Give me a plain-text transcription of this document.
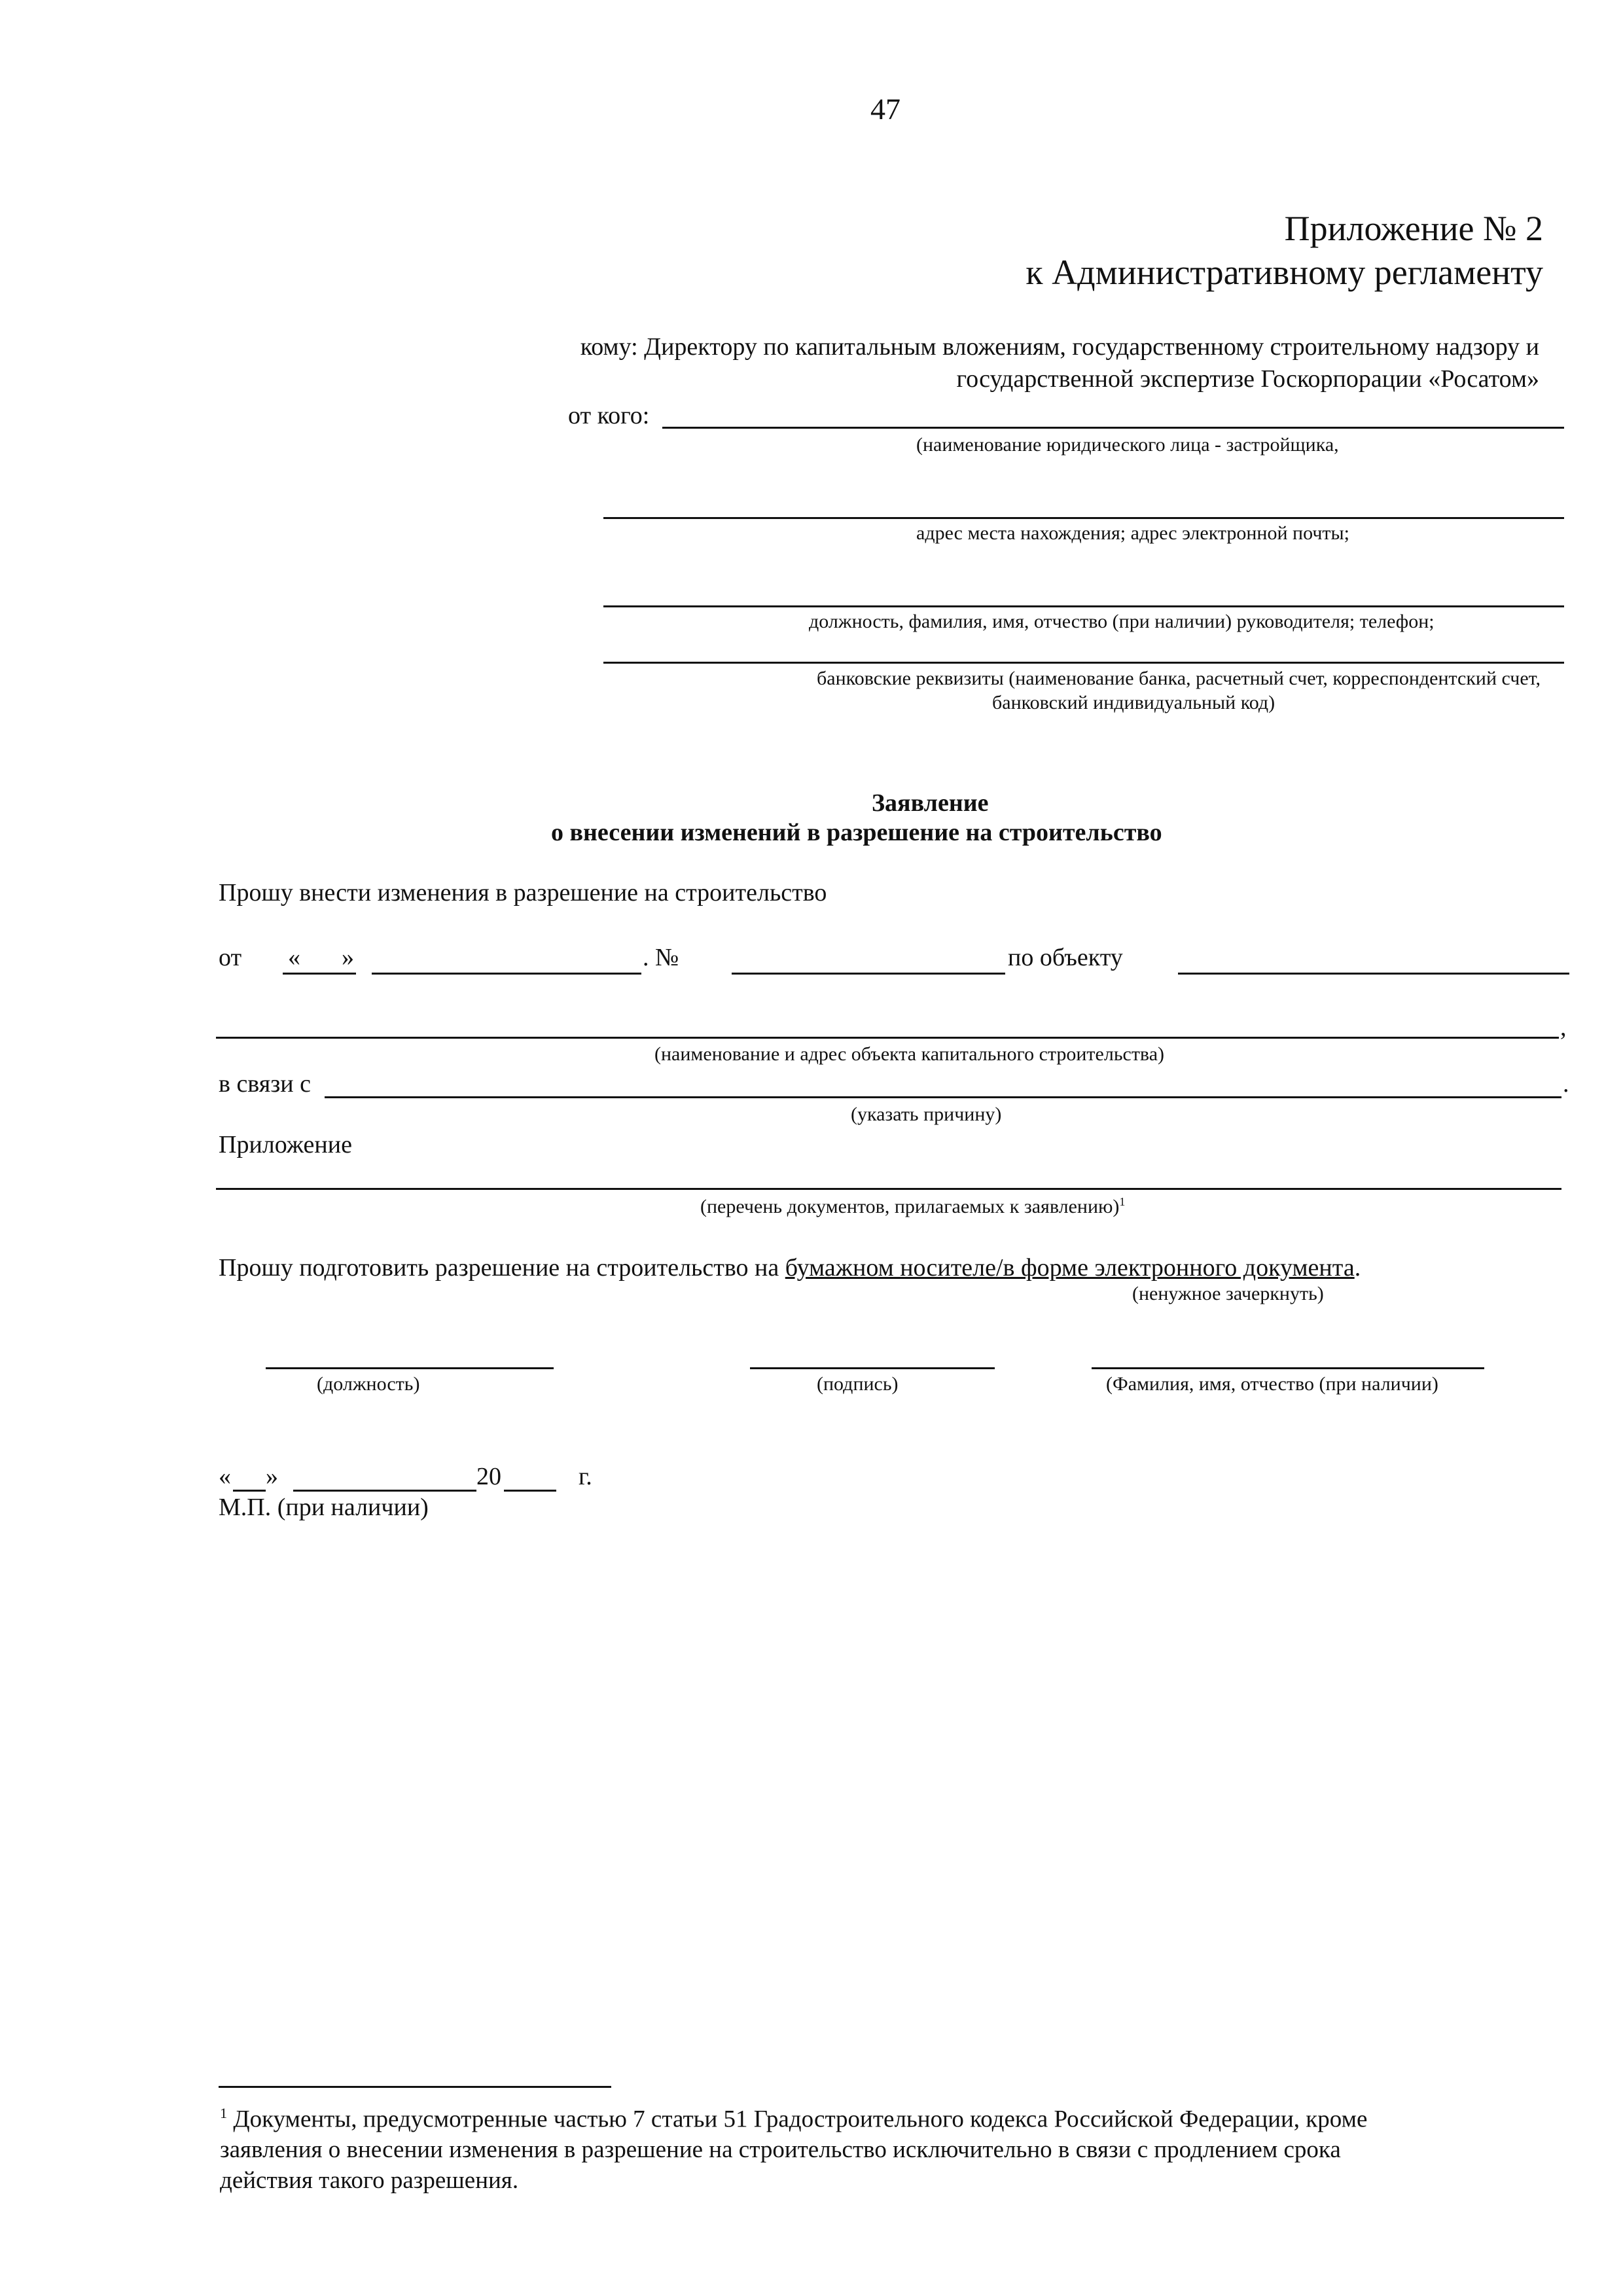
47
Приложение № 2
к Административному регламенту
кому: Директору по капитальным вложениям, государственному строительному надзору и
государственной экспертизе Госкорпорации «Росатом»
от кого:
(наименование юридического лица - застройщика,
адрес места нахождения; адрес электронной почты;
должность, фамилия, имя, отчество (при наличии) руководителя; телефон;
банковские реквизиты (наименование банка, расчетный счет, корреспондентский счет,
банковский индивидуальный код)
Заявление
о внесении изменений в разрешение на строительство
Прошу внести изменения в разрешение на строительство
от « »	. №	по объекту
,
(наименование и адрес объекта капитального строительства)
в связи с	.
(указать причину)
Приложение
(перечень документов, прилагаемых к заявлению)$^1$
Прошу подготовить разрешение на строительство на бумажном носителе/в форме электронного документа.
(ненужное зачеркнуть)
(должность)	(подпись)	(Фамилия, имя, отчество (при наличии)
« »	20	г.
М.П. (при наличии)
$^1$ Документы, предусмотренные частью 7 статьи 51 Градостроительного кодекса Российской Федерации, кроме
заявления о внесении изменения в разрешение на строительство исключительно в связи с продлением срока
действия такого разрешения.
